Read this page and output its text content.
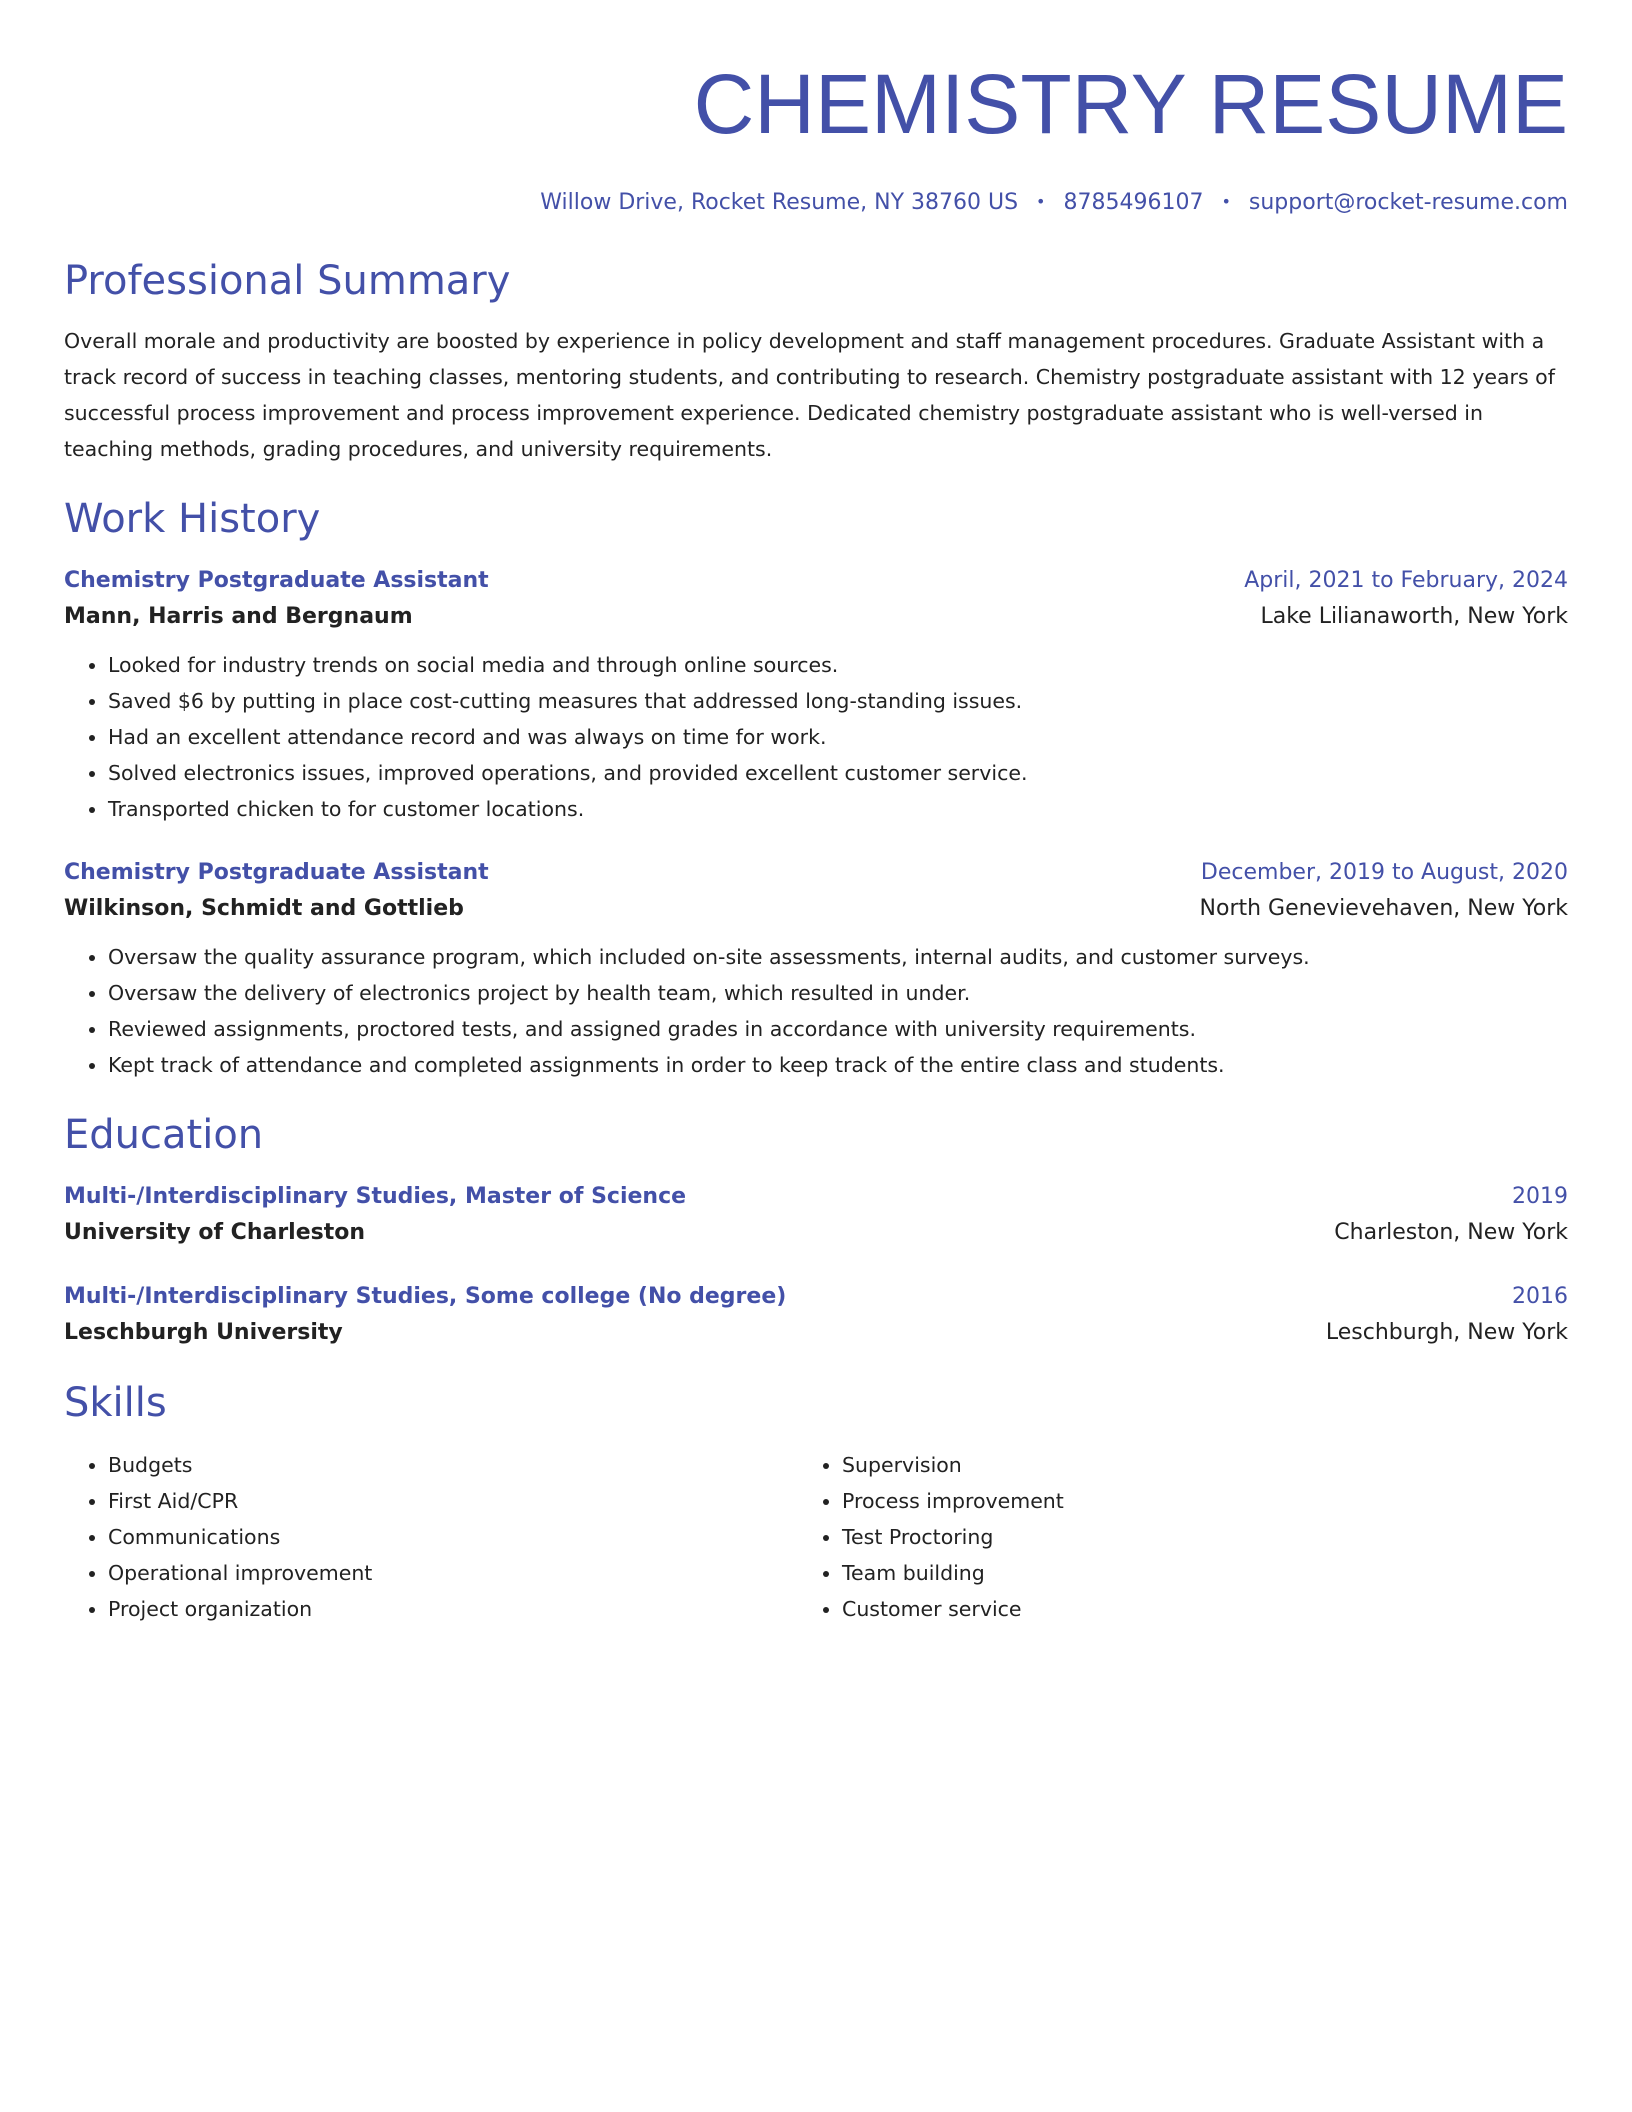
CHEMISTRY RESUME
Willow Drive, Rocket Resume, NY 38760 US • 8785496107 • support@rocket-resume.com
Professional Summary

Overall morale and productivity are boosted by experience in policy development and staff management procedures. Graduate Assistant with a track record of success in teaching classes, mentoring students, and contributing to research. Chemistry postgraduate assistant with 12 years of successful process improvement and process improvement experience. Dedicated chemistry postgraduate assistant who is well-versed in teaching methods, grading procedures, and university requirements.

Work History
Chemistry Postgraduate Assistant	April, 2021 to February, 2024
Mann, Harris and Bergnaum	Lake Lilianaworth, New York
• Looked for industry trends on social media and through online sources.
• Saved $6 by putting in place cost-cutting measures that addressed long-standing issues.
• Had an excellent attendance record and was always on time for work.
• Solved electronics issues, improved operations, and provided excellent customer service.
• Transported chicken to for customer locations.
Chemistry Postgraduate Assistant	December, 2019 to August, 2020
Wilkinson, Schmidt and Gottlieb	North Genevievehaven, New York
• Oversaw the quality assurance program, which included on-site assessments, internal audits, and customer surveys.
• Oversaw the delivery of electronics project by health team, which resulted in under.
• Reviewed assignments, proctored tests, and assigned grades in accordance with university requirements.
• Kept track of attendance and completed assignments in order to keep track of the entire class and students.
Education
Multi-/Interdisciplinary Studies, Master of Science	2019
University of Charleston	Charleston, New York
Multi-/Interdisciplinary Studies, Some college (No degree)	2016
Leschburgh University	Leschburgh, New York
Skills
• Budgets
• First Aid/CPR
• Communications
• Operational improvement
• Project organization
• Supervision
• Process improvement
• Test Proctoring
• Team building
• Customer service
